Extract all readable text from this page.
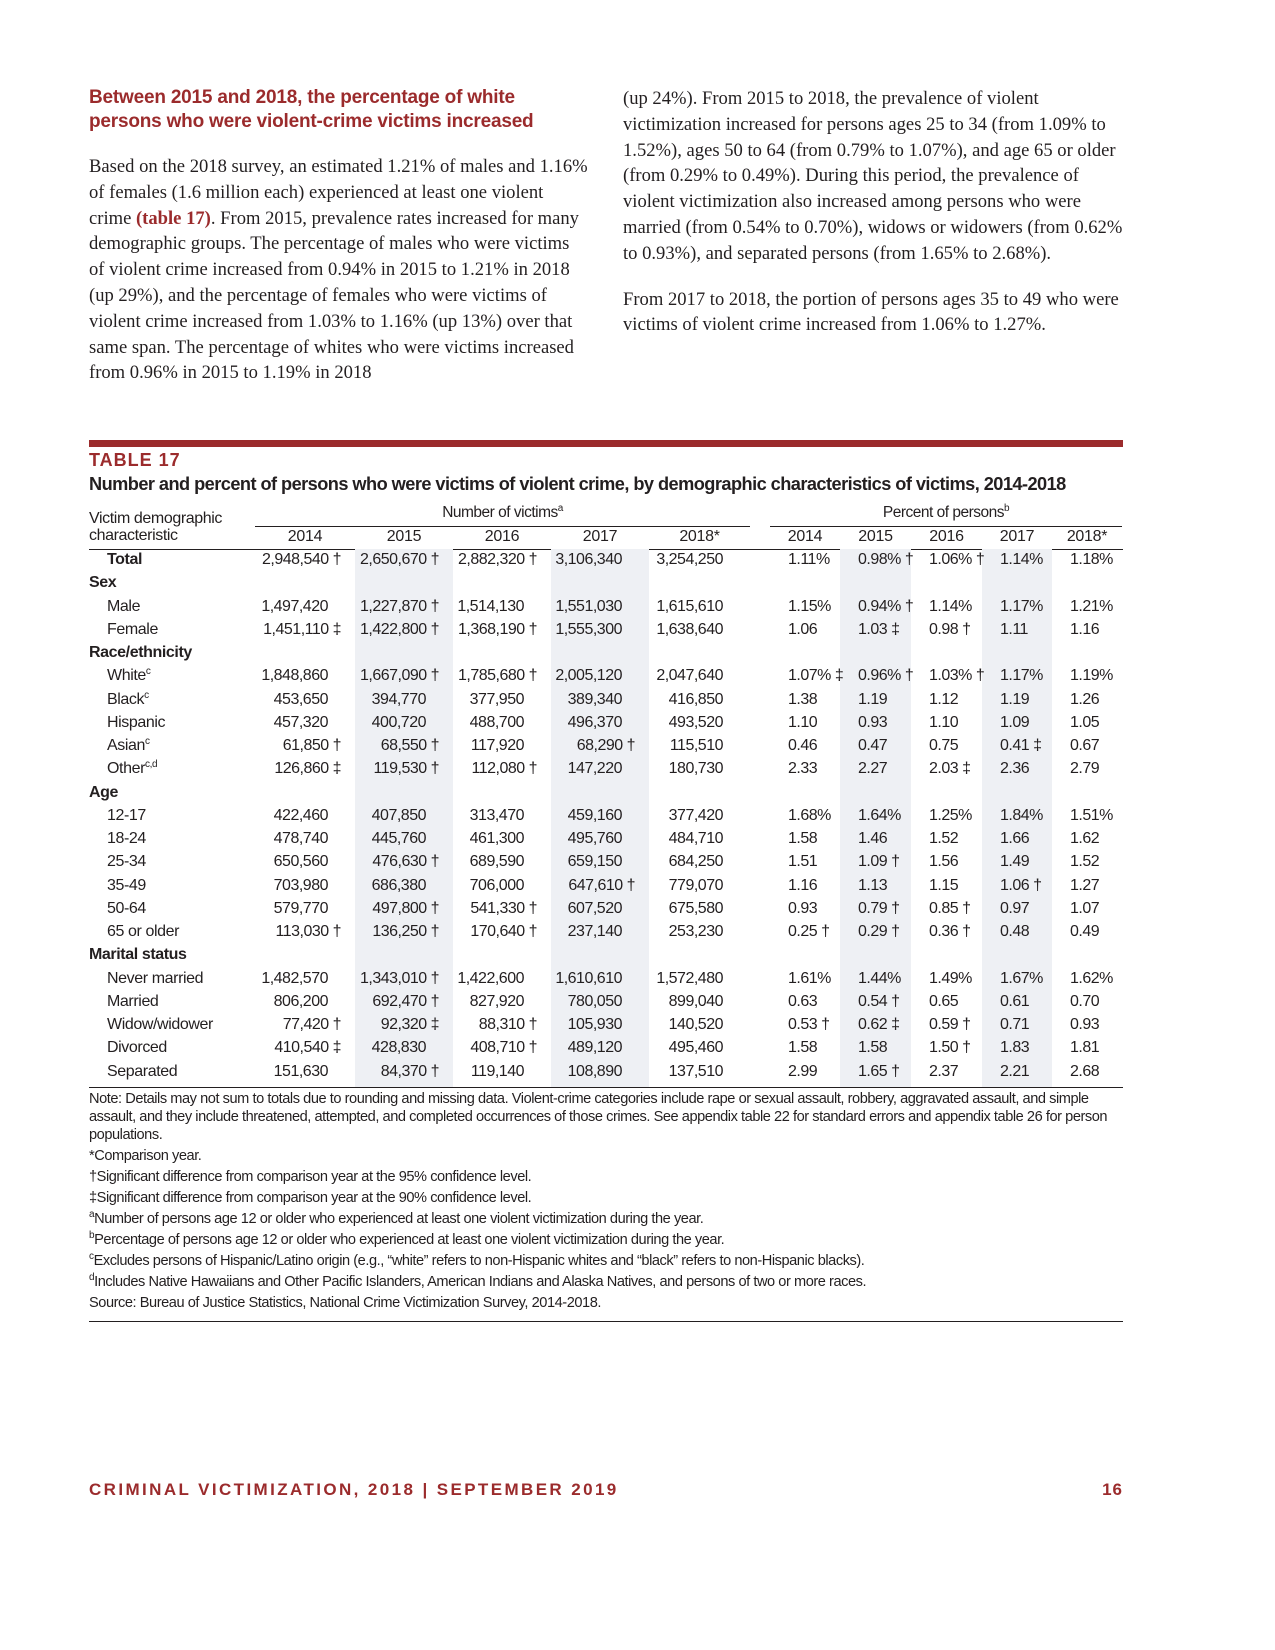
Between 2015 and 2018, the percentage of white persons who were violent-crime victims increased

Based on the 2018 survey, an estimated 1.21% of males and 1.16% of females (1.6 million each) experienced at least one violent crime (table 17). From 2015, prevalence rates increased for many demographic groups. The percentage of males who were victims of violent crime increased from 0.94% in 2015 to 1.21% in 2018 (up 29%), and the percentage of females who were victims of violent crime increased from 1.03% to 1.16% (up 13%) over that same span. The percentage of whites who were victims increased from 0.96% in 2015 to 1.19% in 2018

(up 24%). From 2015 to 2018, the prevalence of violent victimization increased for persons ages 25 to 34 (from 1.09% to 1.52%), ages 50 to 64 (from 0.79% to 1.07%), and age 65 or older (from 0.29% to 0.49%). During this period, the prevalence of violent victimization also increased among persons who were married (from 0.54% to 0.70%), widows or widowers (from 0.62% to 0.93%), and separated persons (from 1.65% to 2.68%).

From 2017 to 2018, the portion of persons ages 35 to 49 who were victims of violent crime increased from 1.06% to 1.27%.

TABLE 17
Number and percent of persons who were victims of violent crime, by demographic characteristics of victims, 2014-2018
Victim demographic
characteristic
Number of victims$^a$	Percent of persons$^b$
2014	2015	2016	2017	2018*	2014	2015	2016	2017	2018*
Total	2,948,540 †	2,650,670 †	2,882,320 † 3,106,340	3,254,250	1.11% 0.98% † 1.06% † 1.14% 1.18%
Sex
Male	1,497,420	1,227,870 † 1,514,130 1,551,030	1,615,610	1.15% 0.94% † 1.14% 1.17% 1.21%
Female	1,451,110 ‡	1,422,800 †	1,368,190 † 1,555,300	1,638,640	1.06	1.03 ‡ 0.98 † 1.11	1.16
Race/ethnicity
White$^c$	1,848,860	1,667,090 †	1,785,680 † 2,005,120	2,047,640	1.07% ‡ 0.96% † 1.03% † 1.17% 1.19%
Black$^c$	453,650	394,770	377,950	389,340	416,850	1.38	1.19	1.12	1.19	1.26
Hispanic	457,320	400,720	488,700	496,370	493,520	1.10	0.93	1.10	1.09	1.05
Asian$^c$	61,850 †	68,550 †	117,920	68,290 †	115,510	0.46	0.47	0.75	0.41 ‡ 0.67
Other$^{c,d}$	126,860 ‡	119,530 †	112,080 †	147,220	180,730	2.33	2.27	2.03 ‡ 2.36	2.79
Age
12-17	422,460	407,850	313,470	459,160	377,420	1.68% 1.64% 1.25% 1.84% 1.51%
18-24	478,740	445,760	461,300	495,760	484,710	1.58	1.46	1.52	1.66	1.62
25-34	650,560	476,630 †	689,590	659,150	684,250	1.51	1.09 † 1.56	1.49	1.52
35-49	703,980	686,380	706,000	647,610 †	779,070	1.16	1.13	1.15	1.06 † 1.27
50-64	579,770	497,800 †	541,330 †	607,520	675,580	0.93	0.79 † 0.85 † 0.97	1.07
65 or older	113,030 †	136,250 †	170,640 †	237,140	253,230	0.25 † 0.29 † 0.36 † 0.48	0.49
Marital status
Never married	1,482,570	1,343,010 † 1,422,600 1,610,610	1,572,480	1.61% 1.44% 1.49% 1.67% 1.62%
Married	806,200	692,470 †	827,920	780,050	899,040	0.63	0.54 † 0.65	0.61	0.70
Widow/widower	77,420 †	92,320 ‡	88,310 †	105,930	140,520	0.53 † 0.62 ‡ 0.59 † 0.71	0.93
Divorced	410,540 ‡	428,830	408,710 †	489,120	495,460	1.58	1.58	1.50 † 1.83	1.81
Separated	151,630	84,370 †	119,140	108,890	137,510	2.99	1.65 † 2.37	2.21	2.68
Note: Details may not sum to totals due to rounding and missing data. Violent-crime categories include rape or sexual assault, robbery, aggravated assault, and simple assault, and they include threatened, attempted, and completed occurrences of those crimes. See appendix table 22 for standard errors and appendix table 26 for person populations.
*Comparison year.
†Significant difference from comparison year at the 95% confidence level.
‡Significant difference from comparison year at the 90% confidence level.
$^a$Number of persons age 12 or older who experienced at least one violent victimization during the year.
$^b$Percentage of persons age 12 or older who experienced at least one violent victimization during the year.
$^c$Excludes persons of Hispanic/Latino origin (e.g., “white” refers to non-Hispanic whites and “black” refers to non-Hispanic blacks).
$^d$Includes Native Hawaiians and Other Pacific Islanders, American Indians and Alaska Natives, and persons of two or more races.
Source: Bureau of Justice Statistics, National Crime Victimization Survey, 2014-2018.
CRIMINAL VICTIMIZATION, 2018 | SEPTEMBER 2019	16
